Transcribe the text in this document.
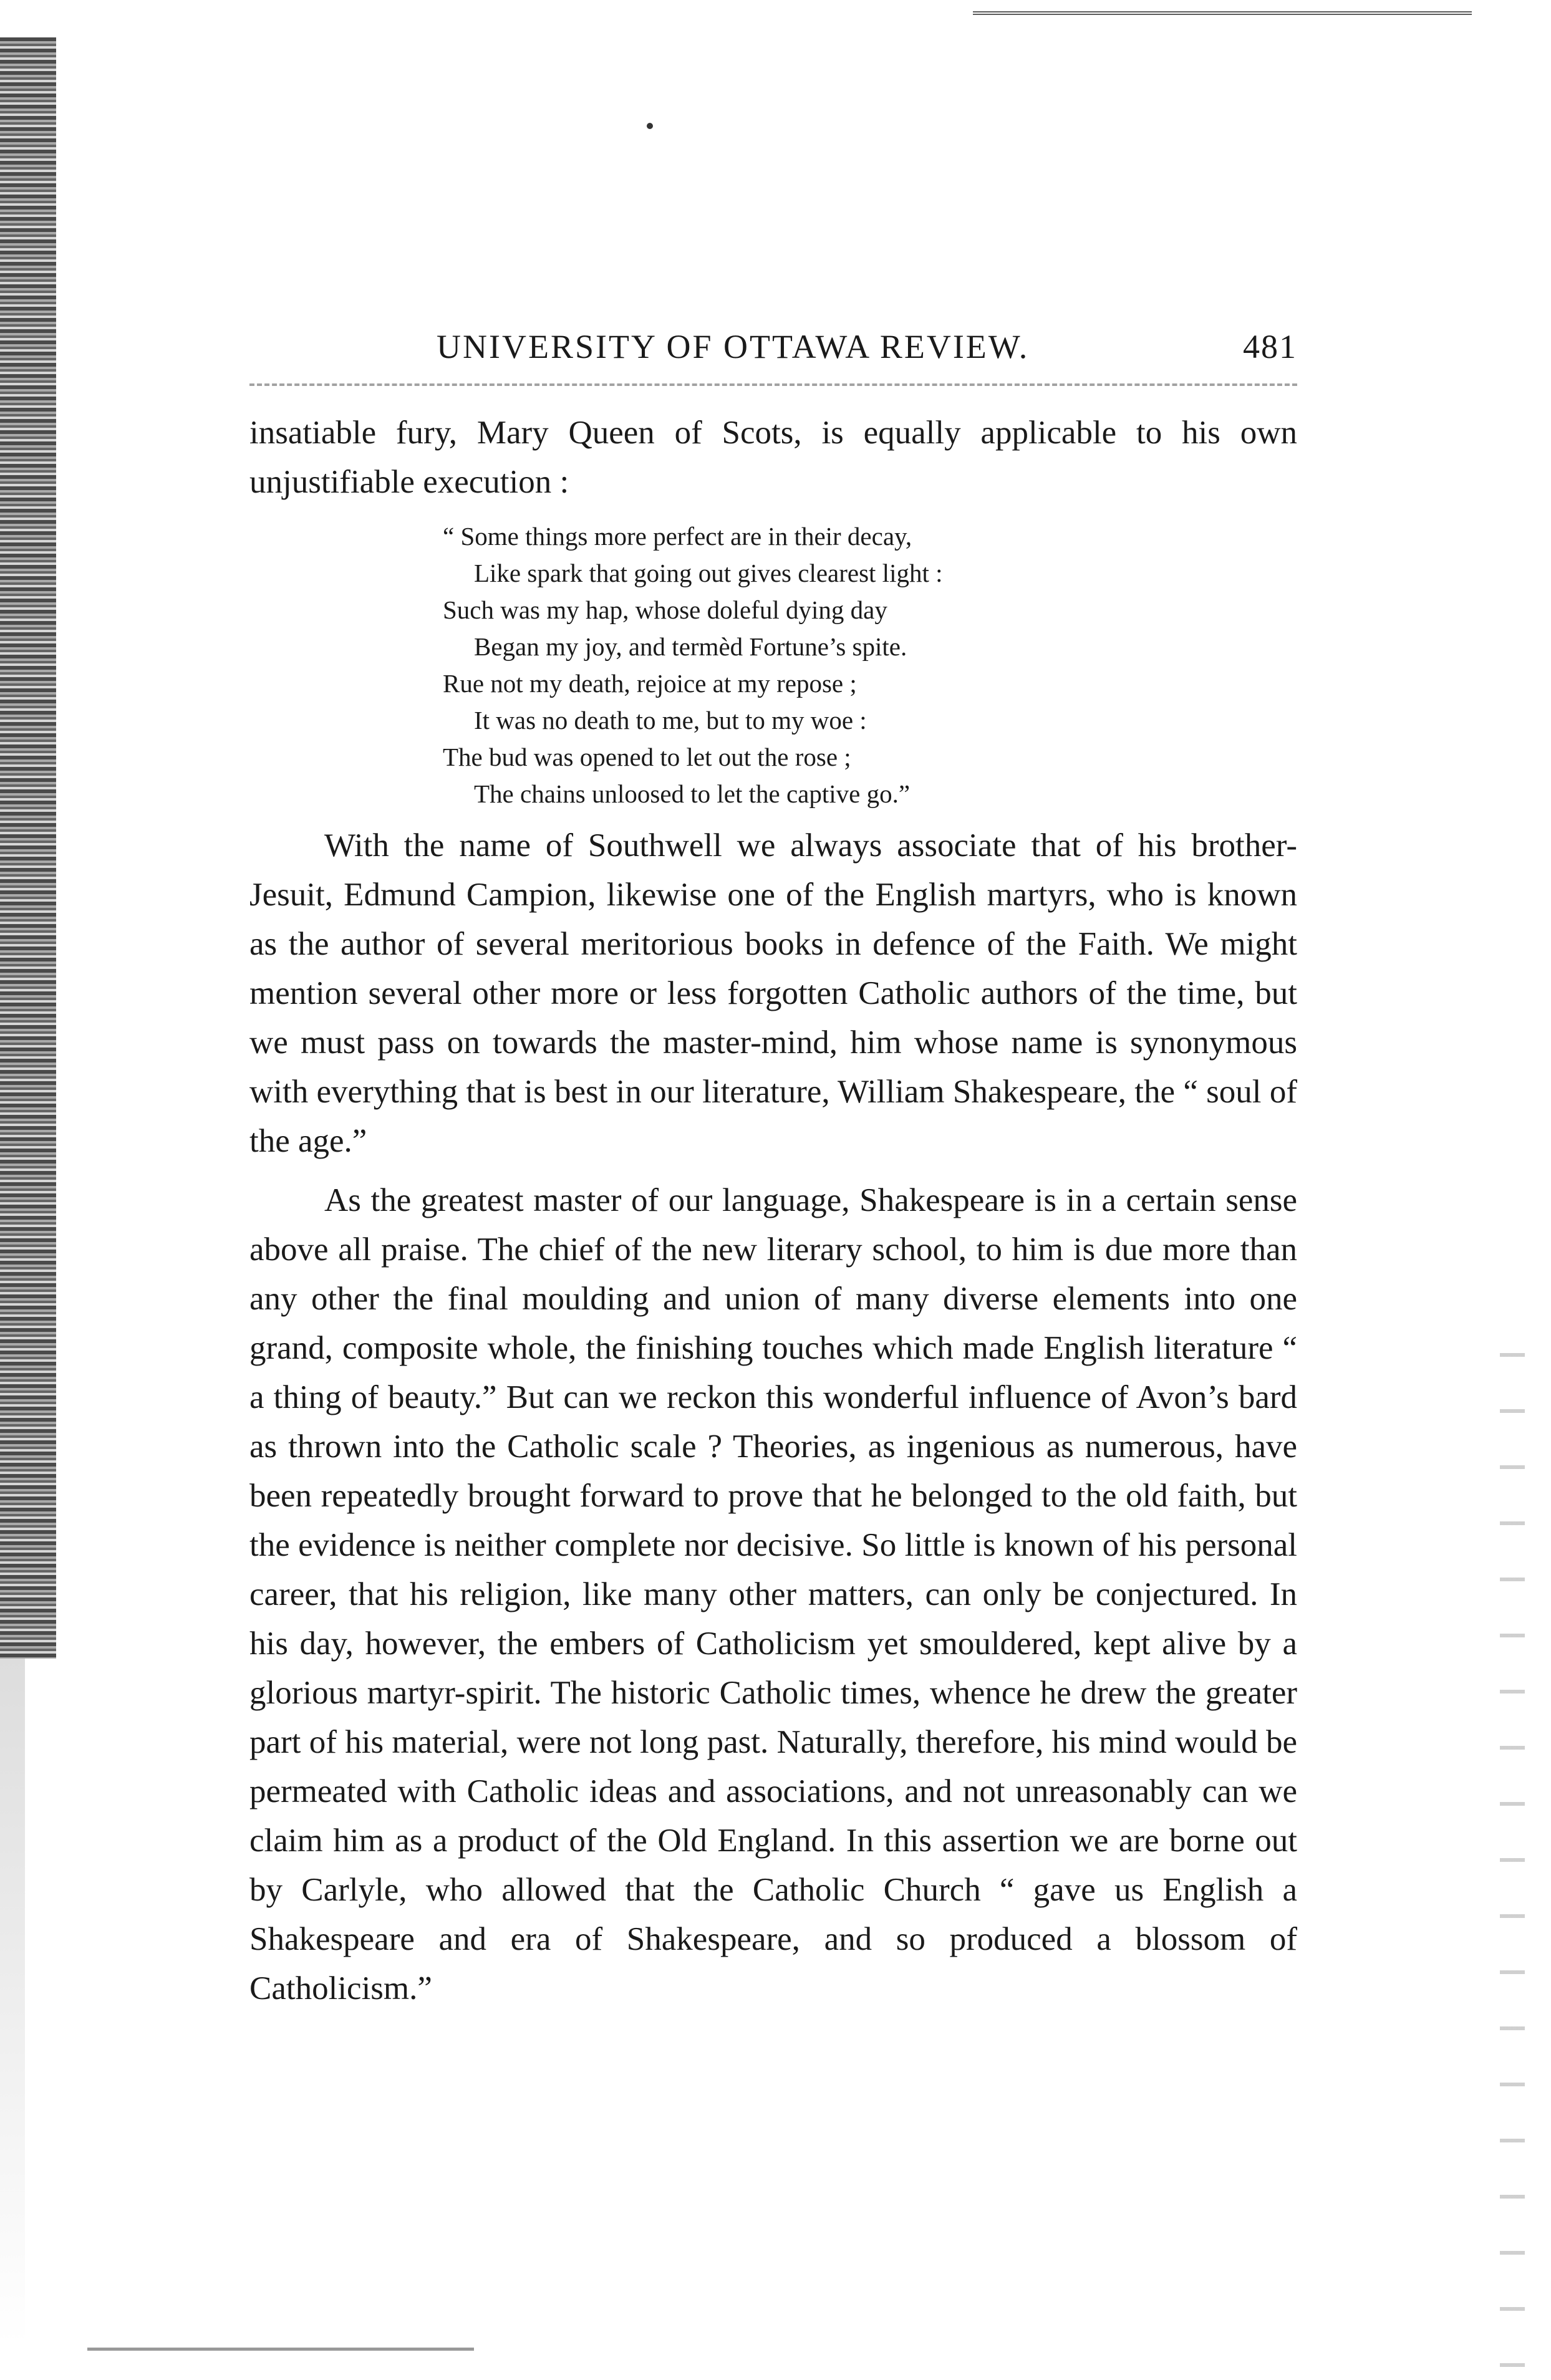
UNIVERSITY OF OTTAWA REVIEW.	481

insatiable fury, Mary Queen of Scots, is equally applicable to his own unjustifiable execution :

“ Some things more perfect are in their decay,
Like spark that going out gives clearest light :
Such was my hap, whose doleful dying day
Began my joy, and termèd Fortune’s spite.
Rue not my death, rejoice at my repose ;
It was no death to me, but to my woe :
The bud was opened to let out the rose ;
The chains unloosed to let the captive go.”

With the name of Southwell we always associate that of his brother-Jesuit, Edmund Campion, likewise one of the English martyrs, who is known as the author of several meritorious books in defence of the Faith. We might mention several other more or less forgotten Catholic authors of the time, but we must pass on towards the master-mind, him whose name is synonymous with everything that is best in our literature, William Shakespeare, the “ soul of the age.”

As the greatest master of our language, Shakespeare is in a certain sense above all praise. The chief of the new literary school, to him is due more than any other the final moulding and union of many diverse elements into one grand, composite whole, the finishing touches which made English literature “ a thing of beauty.” But can we reckon this wonderful influence of Avon’s bard as thrown into the Catholic scale ? Theories, as ingenious as numerous, have been repeatedly brought forward to prove that he belonged to the old faith, but the evidence is neither complete nor decisive. So little is known of his personal career, that his religion, like many other matters, can only be conjectured. In his day, however, the embers of Catholicism yet smouldered, kept alive by a glorious martyr-spirit. The historic Catholic times, whence he drew the greater part of his material, were not long past. Naturally, therefore, his mind would be permeated with Catholic ideas and associations, and not unreasonably can we claim him as a product of the Old England. In this assertion we are borne out by Carlyle, who allowed that the Catholic Church “ gave us English a Shakespeare and era of Shakespeare, and so produced a blossom of Catholicism.”
